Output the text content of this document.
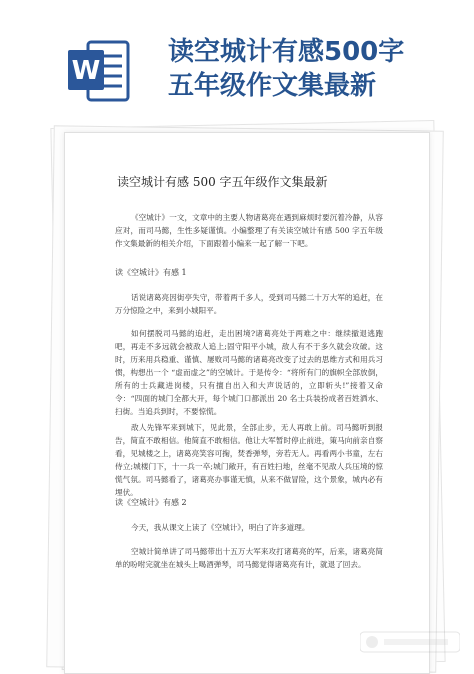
W
读空城计有感500字
五年级作文集最新
读空城计有感 500 字五年级作文集最新

《空城计》一文，文章中的主要人物诸葛亮在遇到麻烦时要沉着冷静，从容应对，而司马懿，生性多疑谨慎。小编整理了有关读空城计有感 500 字五年级作文集最新的相关介绍，下面跟着小编来一起了解一下吧。

读《空城计》有感 1

话说诸葛亮因街亭失守，带着两千多人，受到司马懿二十万大军的追赶，在万分惊险之中，来到小城阳平。

如何摆脱司马懿的追赶，走出困境?诸葛亮处于两难之中：继续撤退逃跑吧，再走不多远就会被敌人追上;固守阳平小城，敌人有不于多久就会攻破。这时，历来用兵稳重、谨慎、屡败司马懿的诸葛亮改变了过去的思维方式和用兵习惯，构想出一个 “虚而虚之”的空城计。于是传令：“将所有门的旗帜全部放倒，所有的士兵藏进岗楼，只有擅自出入和大声说话的，立即斩头!”接着又命令：“四面的城门全都大开，每个城门口都派出 20 名士兵装扮成者百姓洒水、扫街。当追兵到时，不要惊慌。

敌人先锋军来到城下，见此景，全部止步，无人再敢上前。司马懿听到报告，简直不敢相信。他简直不敢相信。他让大军暂时停止前进，策马向前亲自察看，见城楼之上，诸葛亮笑容可掬，焚香弹琴，旁若无人。再看两小书童，左右侍立;城楼门下，十一兵一卒;城门敞开，有百姓扫地，丝毫不见敌人兵压境的惊慌气氛。司马懿看了，诸葛亮办事谨无慎，从来不做冒险，这个景象，城内必有埋伏。

读《空城计》有感 2

今天，我从课文上读了《空城计》，明白了许多道理。

空城计简单讲了司马懿带出十五万大军来攻打诸葛亮的军，后来，诸葛亮简单的吩咐完就坐在城头上喝酒弹琴，司马懿觉得诸葛亮有计，就退了回去。
